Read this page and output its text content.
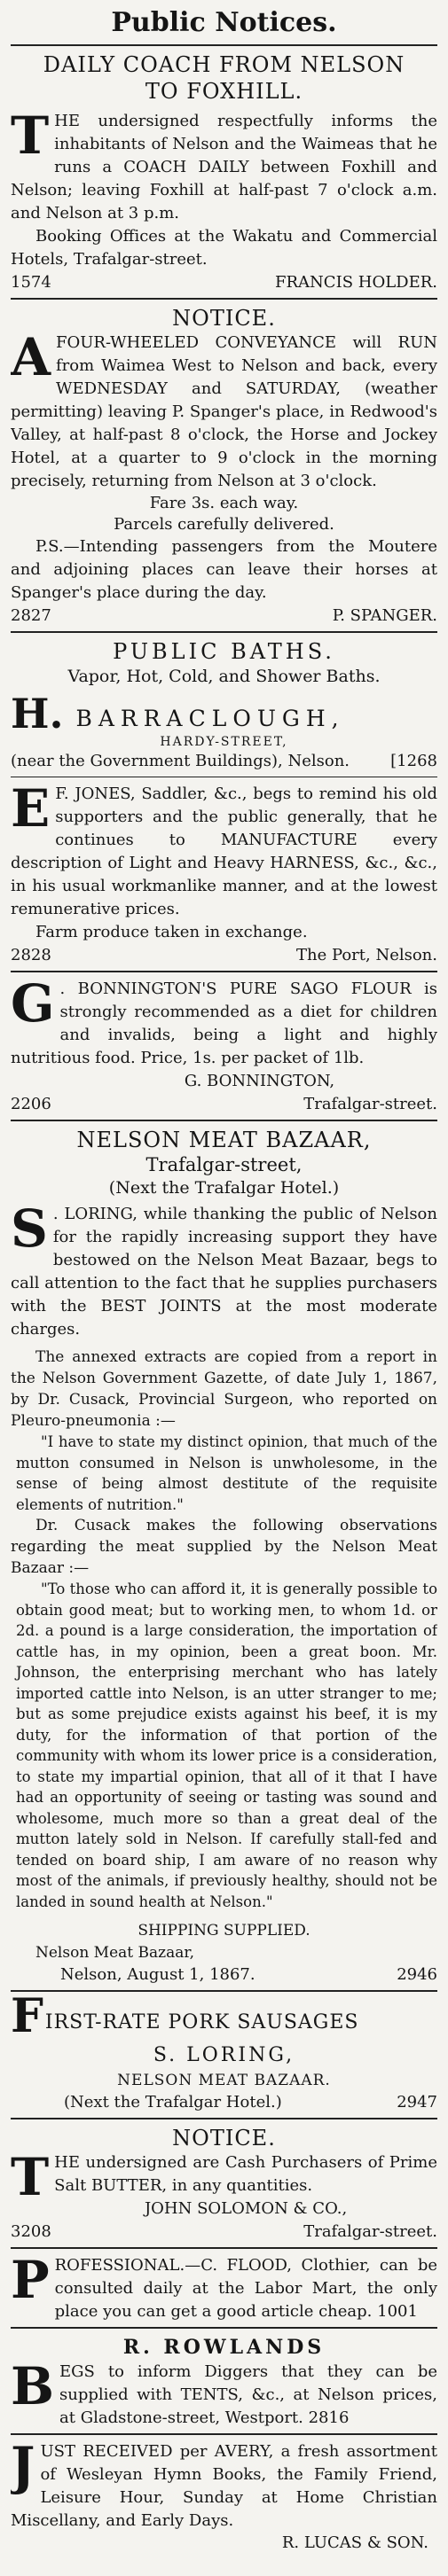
Public Notices.
DAILY COACH FROM NELSON
TO FOXHILL.
THE undersigned respectfully informs the inhabitants of Nelson and the Waimeas that he runs a COACH DAILY between Foxhill and Nelson; leaving Foxhill at half-past 7 o'clock a.m. and Nelson at 3 p.m.
Booking Offices at the Wakatu and Commercial Hotels, Trafalgar-street.
1574	FRANCIS HOLDER.
NOTICE.
AFOUR-WHEELED CONVEYANCE will RUN from Waimea West to Nelson and back, every WEDNESDAY and SATURDAY, (weather permitting) leaving P. Spanger's place, in Redwood's Valley, at half-past 8 o'clock, the Horse and Jockey Hotel, at a quarter to 9 o'clock in the morning precisely, returning from Nelson at 3 o'clock.
Fare 3s. each way.
Parcels carefully delivered.
P.S.—Intending passengers from the Moutere and adjoining places can leave their horses at Spanger's place during the day.
2827	P. SPANGER.
PUBLIC BATHS.
Vapor, Hot, Cold, and Shower Baths.
H. BARRACLOUGH,
HARDY-STREET,
(near the Government Buildings), Nelson.	[1268
E F. JONES, Saddler, &c., begs to remind his old supporters and the public generally, that he continues to MANUFACTURE every description of Light and Heavy HARNESS, &c., &c., in his usual workmanlike manner, and at the lowest remunerative prices.
Farm produce taken in exchange.
2828	The Port, Nelson.
G . BONNINGTON'S PURE SAGO FLOUR is strongly recommended as a diet for children and invalids, being a light and highly nutritious food. Price, 1s. per packet of 1lb.
G. BONNINGTON,
2206	Trafalgar-street.
NELSON MEAT BAZAAR,
Trafalgar-street,
(Next the Trafalgar Hotel.)
S . LORING, while thanking the public of Nelson for the rapidly increasing support they have bestowed on the Nelson Meat Bazaar, begs to call attention to the fact that he supplies purchasers with the BEST JOINTS at the most moderate charges.
The annexed extracts are copied from a report in the Nelson Government Gazette, of date July 1, 1867, by Dr. Cusack, Provincial Surgeon, who reported on Pleuro-pneumonia :—
"I have to state my distinct opinion, that much of the mutton consumed in Nelson is unwholesome, in the sense of being almost destitute of the requisite elements of nutrition."
Dr. Cusack makes the following observations regarding the meat supplied by the Nelson Meat Bazaar :—
"To those who can afford it, it is generally possible to obtain good meat; but to working men, to whom 1d. or 2d. a pound is a large consideration, the importation of cattle has, in my opinion, been a great boon. Mr. Johnson, the enterprising merchant who has lately imported cattle into Nelson, is an utter stranger to me; but as some prejudice exists against his beef, it is my duty, for the information of that portion of the community with whom its lower price is a consideration, to state my impartial opinion, that all of it that I have had an opportunity of seeing or tasting was sound and wholesome, much more so than a great deal of the mutton lately sold in Nelson. If carefully stall-fed and tended on board ship, I am aware of no reason why most of the animals, if previously healthy, should not be landed in sound health at Nelson."
SHIPPING SUPPLIED.
Nelson Meat Bazaar,
Nelson, August 1, 1867.	2946
F IRST-RATE PORK SAUSAGES
S. LORING,
NELSON MEAT BAZAAR.
(Next the Trafalgar Hotel.)	2947
NOTICE.
THE undersigned are Cash Purchasers of Prime Salt BUTTER, in any quantities.
JOHN SOLOMON & CO.,
3208	Trafalgar-street.
PROFESSIONAL.—C. FLOOD, Clothier, can be consulted daily at the Labor Mart, the only place you can get a good article cheap. 1001
R. ROWLANDS
BEGS to inform Diggers that they can be supplied with TENTS, &c., at Nelson prices, at Gladstone-street, Westport. 2816
JUST RECEIVED per AVERY, a fresh assortment of Wesleyan Hymn Books, the Family Friend, Leisure Hour, Sunday at Home Christian Miscellany, and Early Days.
R. LUCAS & SON.
